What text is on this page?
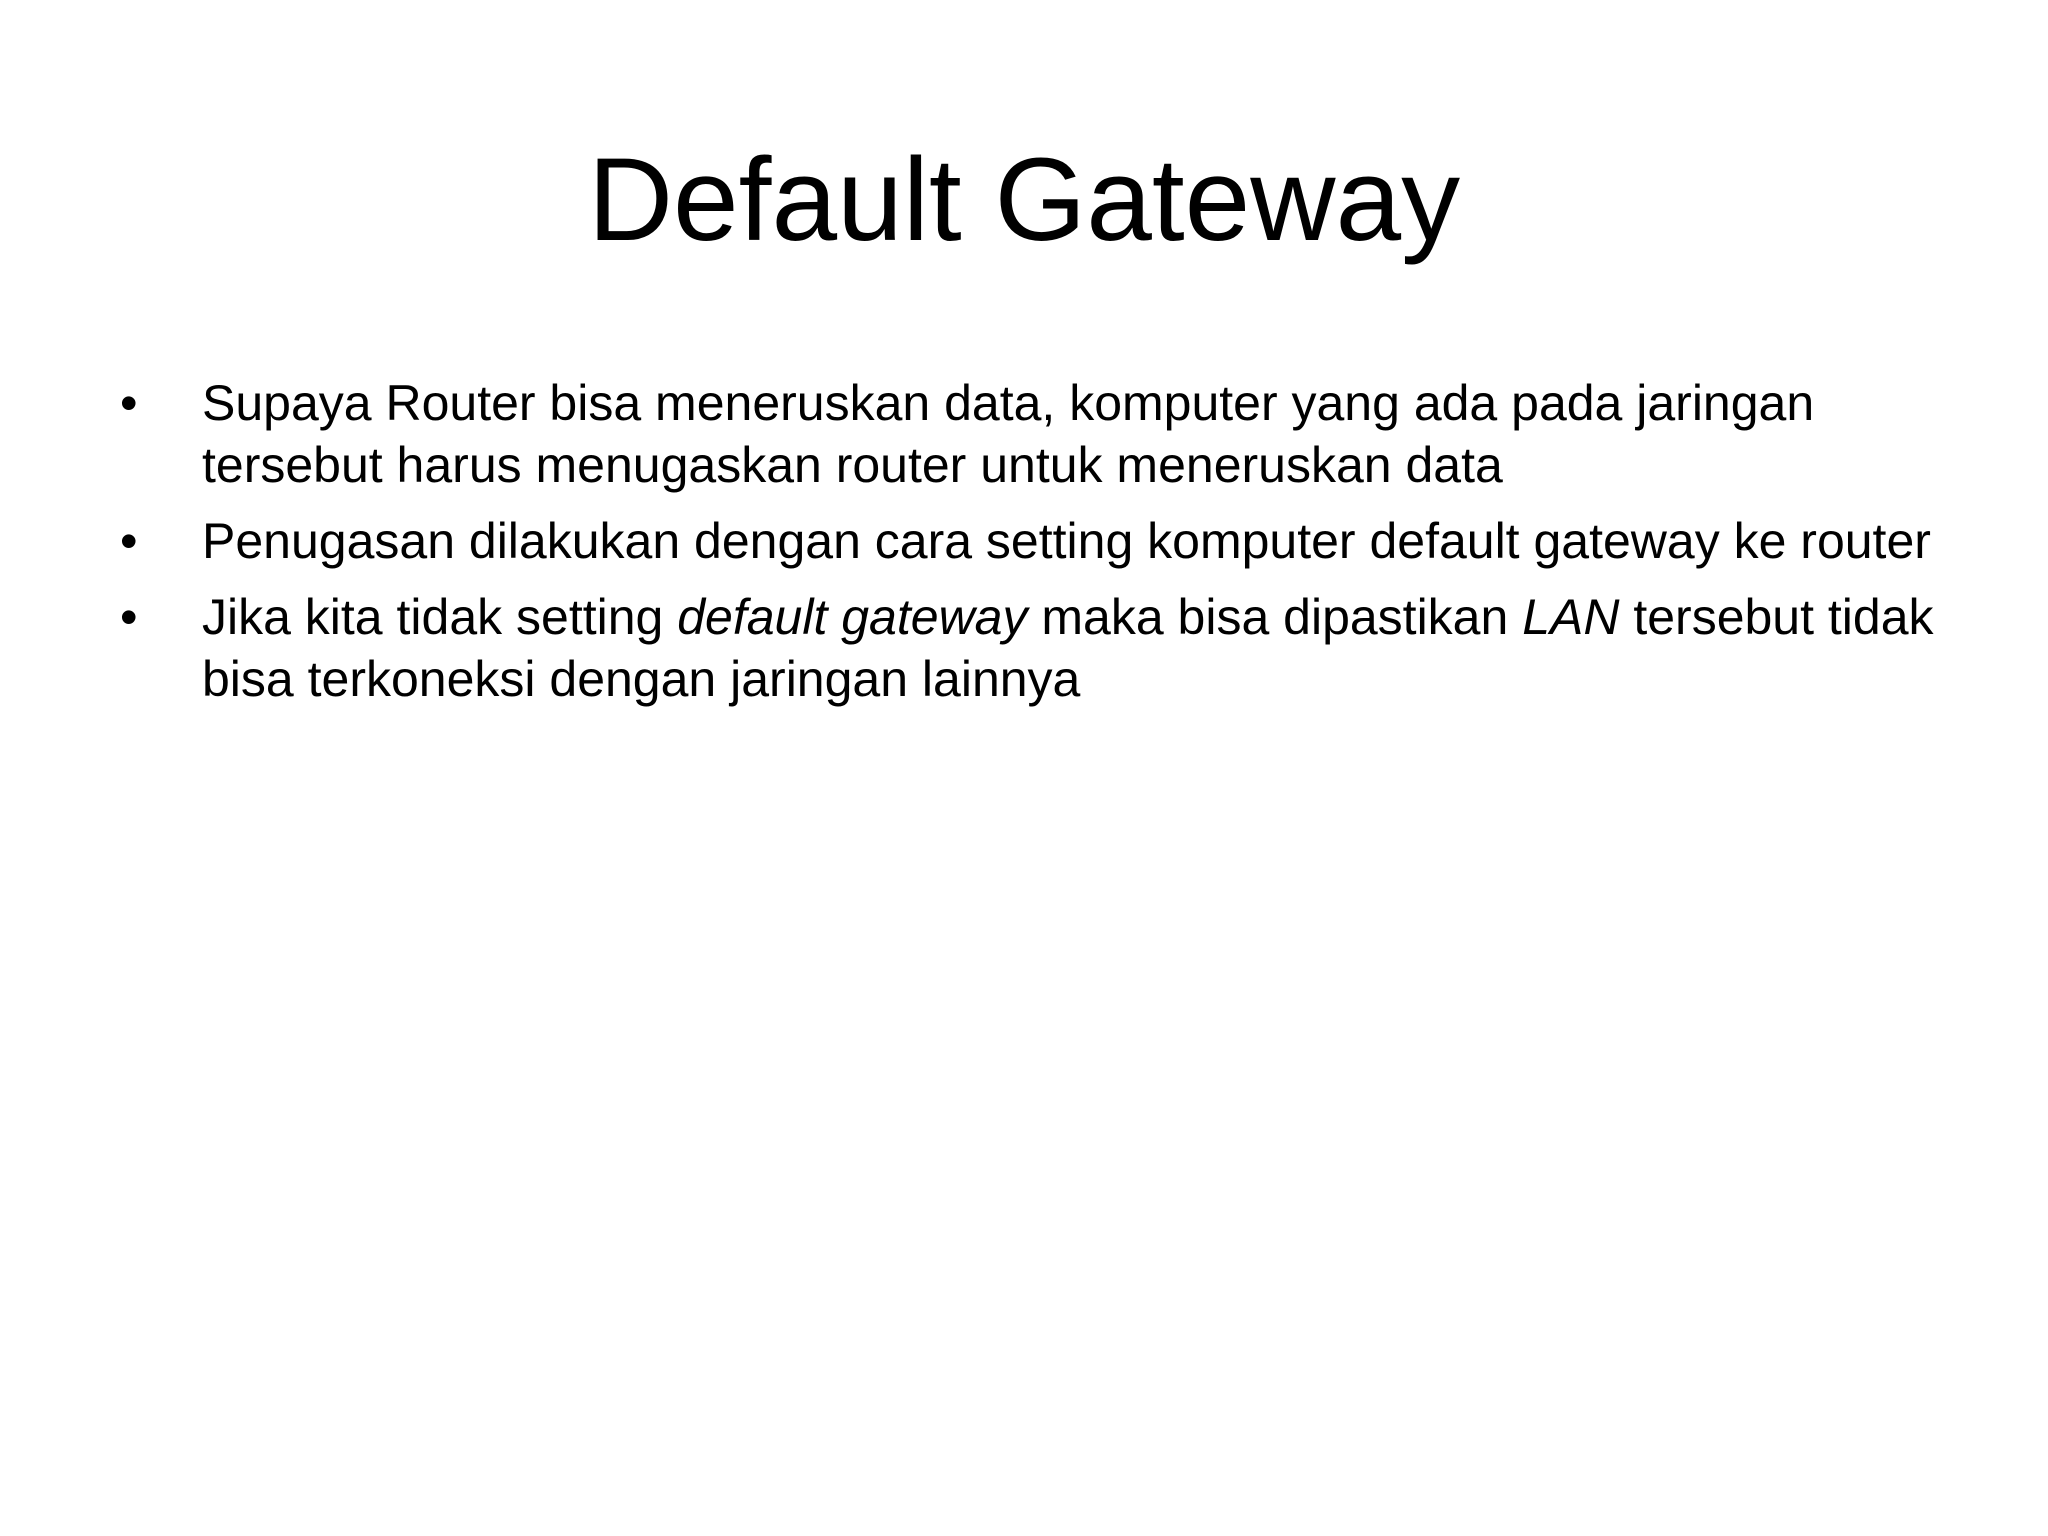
Default Gateway
•	Supaya Router bisa meneruskan data, komputer yang ada pada jaringan tersebut harus menugaskan router untuk meneruskan data
•	Penugasan dilakukan dengan cara setting komputer default gateway ke router
•	Jika kita tidak setting default gateway maka bisa dipastikan LAN tersebut tidak bisa terkoneksi dengan jaringan lainnya
